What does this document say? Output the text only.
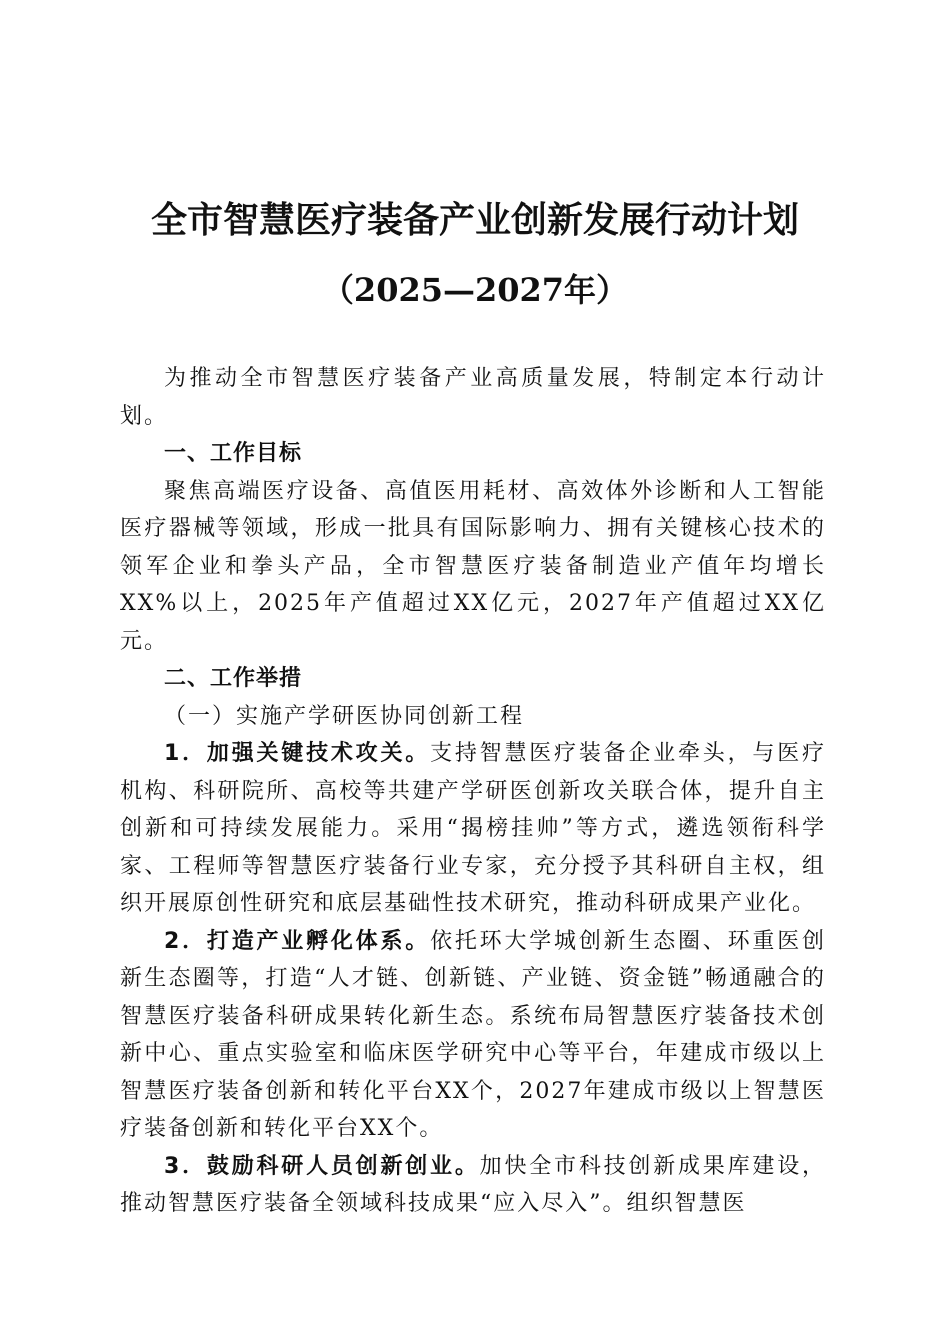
全市智慧医疗装备产业创新发展行动计划
（2025—2027年）

为推动全市智慧医疗装备产业高质量发展，特制定本行动计划。

一、工作目标

聚焦高端医疗设备、高值医用耗材、高效体外诊断和人工智能医疗器械等领域，形成一批具有国际影响力、拥有关键核心技术的领军企业和拳头产品，全市智慧医疗装备制造业产值年均增长XX%以上，2025年产值超过XX亿元，2027年产值超过XX亿元。

二、工作举措

（一）实施产学研医协同创新工程

1．加强关键技术攻关。支持智慧医疗装备企业牵头，与医疗机构、科研院所、高校等共建产学研医创新攻关联合体，提升自主创新和可持续发展能力。采用“揭榜挂帅”等方式，遴选领衔科学家、工程师等智慧医疗装备行业专家，充分授予其科研自主权，组织开展原创性研究和底层基础性技术研究，推动科研成果产业化。

2．打造产业孵化体系。依托环大学城创新生态圈、环重医创新生态圈等，打造“人才链、创新链、产业链、资金链”畅通融合的智慧医疗装备科研成果转化新生态。系统布局智慧医疗装备技术创新中心、重点实验室和临床医学研究中心等平台，年建成市级以上智慧医疗装备创新和转化平台XX个，2027年建成市级以上智慧医疗装备创新和转化平台XX个。

3．鼓励科研人员创新创业。加快全市科技创新成果库建设，推动智慧医疗装备全领域科技成果“应入尽入”。组织智慧医
